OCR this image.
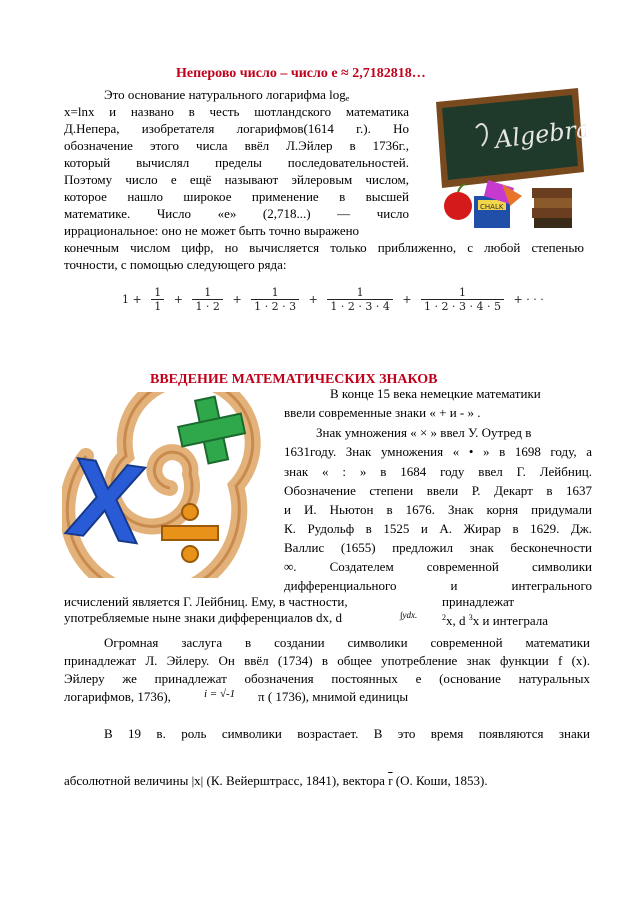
Неперово число – число e ≈ 2,7182818…
Это основание натурального логарифма $\log_e$
x=lnx и названо в честь шотландского математика
Д.Непера, изобретателя логарифмов(1614 г.). Но
обозначение этого числа ввёл Л.Эйлер в 1736г.,
который вычислял пределы последовательностей.
Поэтому число e ещё называют эйлеровым числом,
которое нашло широкое применение в высшей
математике. Число «е» (2,718...) — число
иррациональное: оно не может быть точно выражено
конечным числом цифр, но вычисляется только приближенно, с любой степенью
точности, с помощью следующего ряда:
Algebra
CHALK
$1 + \frac{1}{1} + \frac{1}{1 \cdot 2} + \frac{1}{1 \cdot 2 \cdot 3} + \frac{1}{1 \cdot 2 \cdot 3 \cdot 4} + \frac{1}{1 \cdot 2 \cdot 3 \cdot 4 \cdot 5}$ + · · ·
ВВЕДЕНИЕ МАТЕМАТИЧЕСКИХ ЗНАКОВ
В конце 15 века немецкие математики
ввели современные знаки « + и - » .
Знак умножения « × » ввел У. Оутред в
1631году. Знак умножения « • » в 1698 году, а
знак « : » в 1684 году ввел Г. Лейбниц.
Обозначение степени ввели Р. Декарт в 1637
и И. Ньютон в 1676. Знак корня придумали
К. Рудольф в 1525 и А. Жирар в 1629. Дж.
Валлис (1655) предложил знак бесконечности
∞. Создателем современной символики
дифференциального и интегрального
исчислений является Г. Лейбниц. Ему, в частности,	принадлежат
употребляемые ныне знаки дифференциалов dx, d	∫ydx.	$^2$x, d $^3$x и интеграла
Огромная заслуга в создании символики современной математики
принадлежат Л. Эйлеру. Он ввёл (1734) в общее употребление знак функции f (x).
Эйлеру же принадлежат обозначения постоянных e (основание натуральных
логарифмов, 1736),	i = √-1 π ( 1736), мнимой единицы
В 19 в. роль символики возрастает. В это время появляются знаки
абсолютной величины |x| (К. Вейерштрасс, 1841), вектора $\overline{r}$ (О. Коши, 1853).
